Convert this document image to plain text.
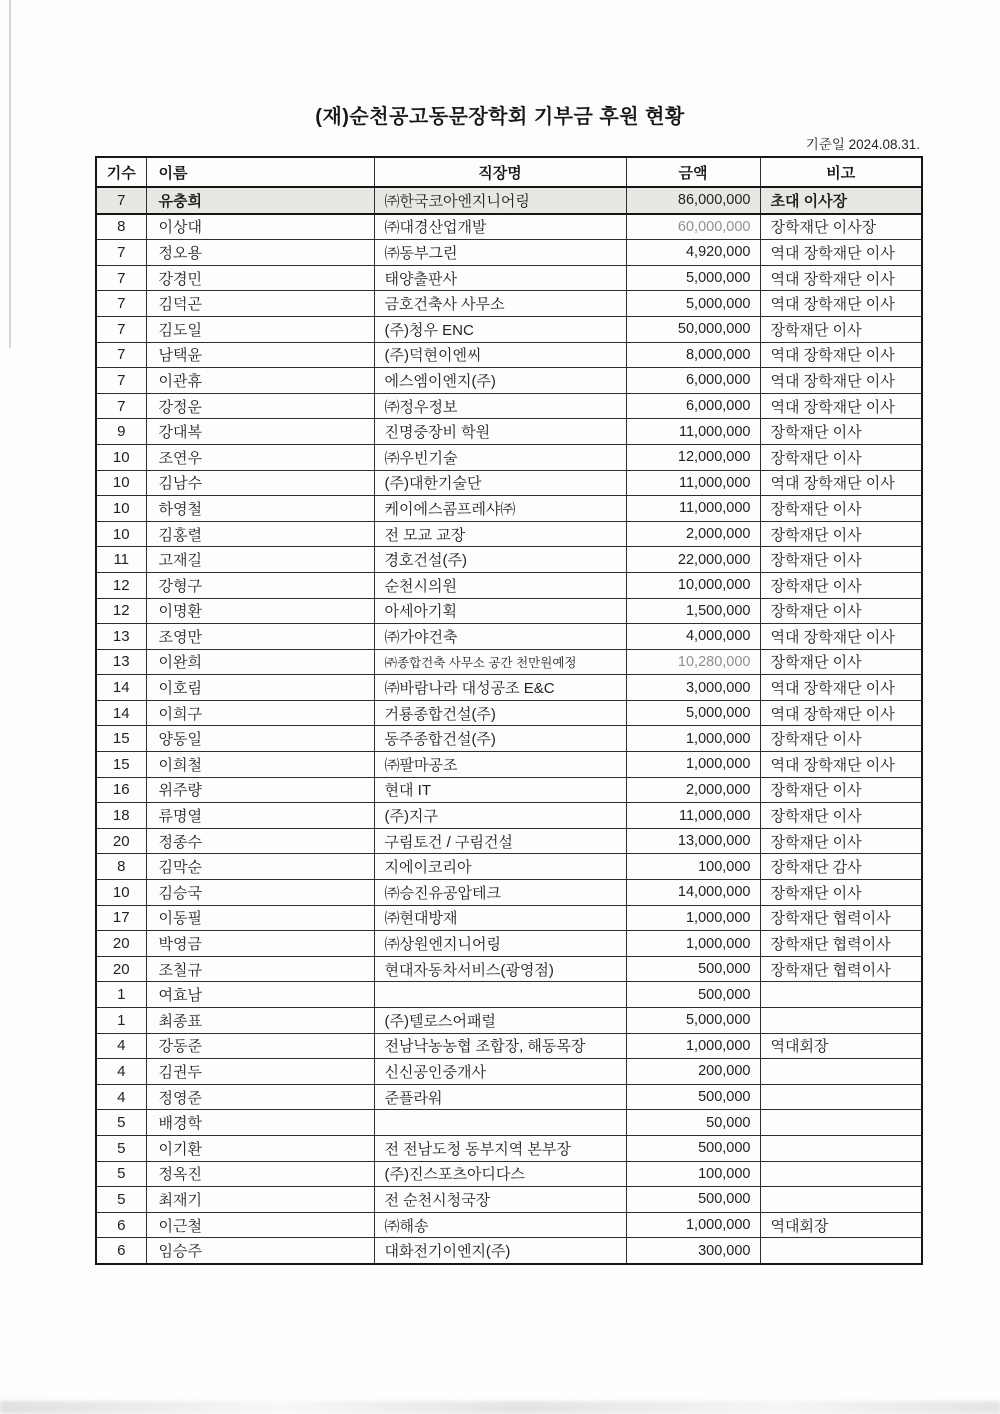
(재)순천공고동문장학회 기부금 후원 현황
기준일 2024.08.31.
기수	이름	직장명	금액	비고
7	유충희	㈜한국코아엔지니어링	86,000,000	초대 이사장
8	이상대	㈜대경산업개발	60,000,000	장학재단 이사장
7	정오용	㈜동부그린	4,920,000	역대 장학재단 이사
7	강경민	태양출판사	5,000,000	역대 장학재단 이사
7	김덕곤	금호건축사 사무소	5,000,000	역대 장학재단 이사
7	김도일	(주)청우 ENC	50,000,000	장학재단 이사
7	남택윤	(주)덕현이엔씨	8,000,000	역대 장학재단 이사
7	이관휴	에스엠이엔지(주)	6,000,000	역대 장학재단 이사
7	강정운	㈜정우정보	6,000,000	역대 장학재단 이사
9	강대복	진명중장비 학원	11,000,000	장학재단 이사
10	조연우	㈜우빈기술	12,000,000	장학재단 이사
10	김남수	(주)대한기술단	11,000,000	역대 장학재단 이사
10	하영철	케이에스콤프레샤㈜	11,000,000	장학재단 이사
10	김홍렬	전 모교 교장	2,000,000	장학재단 이사
11	고재길	경호건설(주)	22,000,000	장학재단 이사
12	강형구	순천시의원	10,000,000	장학재단 이사
12	이명환	아세아기획	1,500,000	장학재단 이사
13	조영만	㈜가야건축	4,000,000	역대 장학재단 이사
13	이완희	㈜종합건축 사무소 공간 천만원예정	10,280,000	장학재단 이사
14	이호림	㈜바람나라 대성공조 E&C	3,000,000	역대 장학재단 이사
14	이희구	거룡종합건설(주)	5,000,000	역대 장학재단 이사
15	양동일	동주종합건설(주)	1,000,000	장학재단 이사
15	이희철	㈜팔마공조	1,000,000	역대 장학재단 이사
16	위주량	현대 IT	2,000,000	장학재단 이사
18	류명열	(주)지구	11,000,000	장학재단 이사
20	정종수	구림토건 / 구림건설	13,000,000	장학재단 이사
8	김막순	지에이코리아	100,000	장학재단 감사
10	김승국	㈜승진유공압테크	14,000,000	장학재단 이사
17	이동필	㈜현대방재	1,000,000	장학재단 협력이사
20	박영금	㈜상원엔지니어링	1,000,000	장학재단 협력이사
20	조칠규	현대자동차서비스(광영점)	500,000	장학재단 협력이사
1	여효남		500,000	
1	최종표	(주)텔로스어패럴	5,000,000	
4	강동준	전남낙농농협 조합장, 해동목장	1,000,000	역대회장
4	김권두	신신공인중개사	200,000	
4	정영준	준플라워	500,000	
5	배경학		50,000	
5	이기환	전 전남도청 동부지역 본부장	500,000	
5	정옥진	(주)진스포츠아디다스	100,000	
5	최재기	전 순천시청국장	500,000	
6	이근철	㈜해송	1,000,000	역대회장
6	임승주	대화전기이엔지(주)	300,000	
